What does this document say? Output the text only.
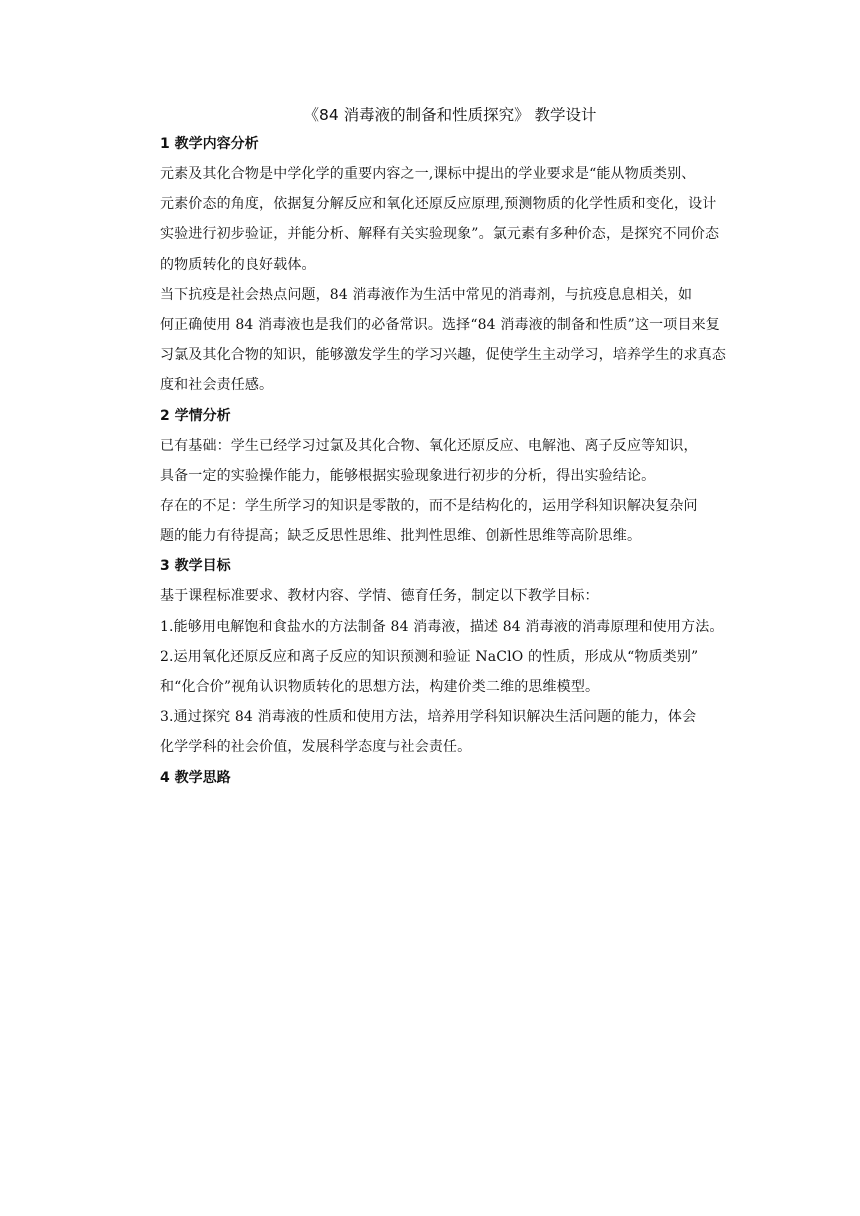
《84 消毒液的制备和性质探究》 教学设计
1 教学内容分析

元素及其化合物是中学化学的重要内容之一,课标中提出的学业要求是“能从物质类别、
元素价态的角度，依据复分解反应和氧化还原反应原理,预测物质的化学性质和变化，设计
实验进行初步验证，并能分析、解释有关实验现象”。氯元素有多种价态，是探究不同价态
的物质转化的良好载体。

当下抗疫是社会热点问题，84 消毒液作为生活中常见的消毒剂，与抗疫息息相关，如
何正确使用 84 消毒液也是我们的必备常识。选择“84 消毒液的制备和性质”这一项目来复
习氯及其化合物的知识，能够激发学生的学习兴趣，促使学生主动学习，培养学生的求真态
度和社会责任感。

2 学情分析

已有基础：学生已经学习过氯及其化合物、氧化还原反应、电解池、离子反应等知识，
具备一定的实验操作能力，能够根据实验现象进行初步的分析，得出实验结论。

存在的不足：学生所学习的知识是零散的，而不是结构化的，运用学科知识解决复杂问
题的能力有待提高；缺乏反思性思维、批判性思维、创新性思维等高阶思维。

3 教学目标

基于课程标准要求、教材内容、学情、德育任务，制定以下教学目标：

1.能够用电解饱和食盐水的方法制备 84 消毒液，描述 84 消毒液的消毒原理和使用方法。

2.运用氧化还原反应和离子反应的知识预测和验证 NaClO 的性质，形成从“物质类别”
和“化合价”视角认识物质转化的思想方法，构建价类二维的思维模型。

3.通过探究 84 消毒液的性质和使用方法，培养用学科知识解决生活问题的能力，体会
化学学科的社会价值，发展科学态度与社会责任。

4 教学思路
